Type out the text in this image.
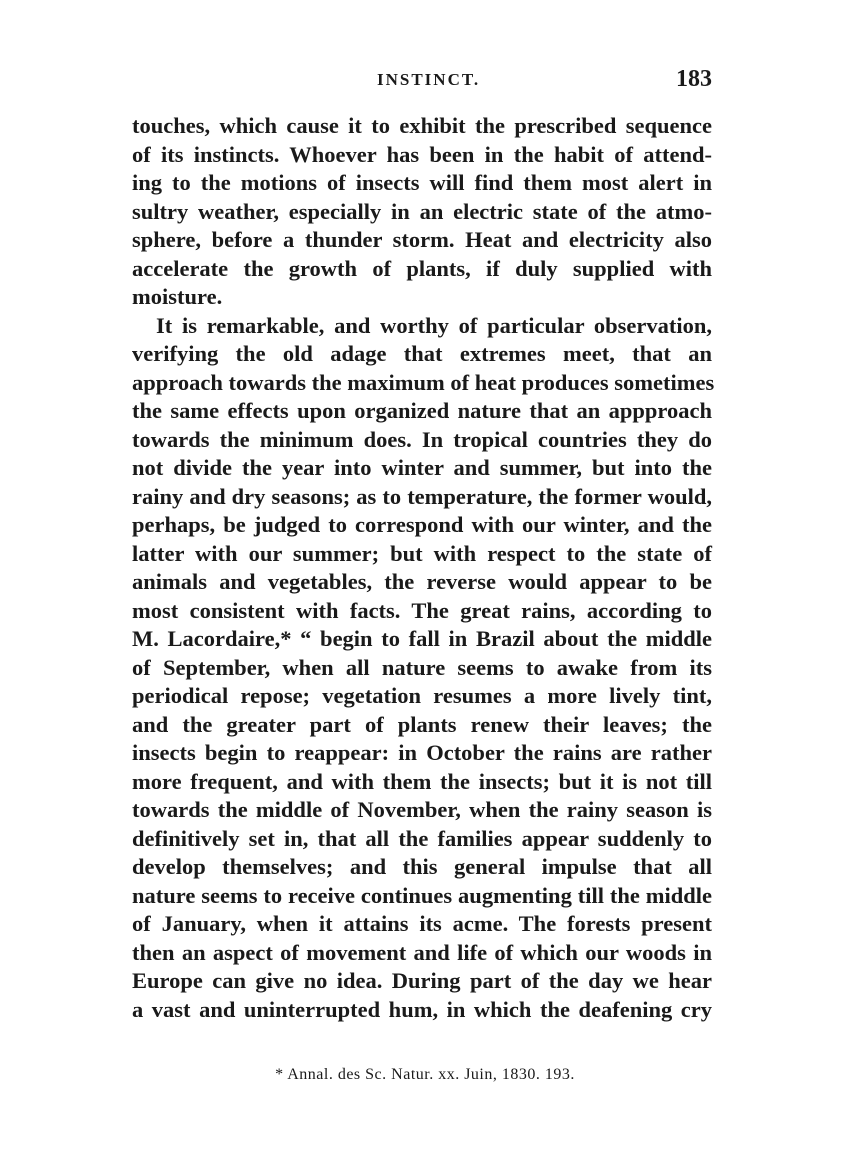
INSTINCT.	183
touches, which cause it to exhibit the prescribed sequence
of its instincts. Whoever has been in the habit of attend-
ing to the motions of insects will find them most alert in
sultry weather, especially in an electric state of the atmo-
sphere, before a thunder storm. Heat and electricity also
accelerate the growth of plants, if duly supplied with
moisture.
It is remarkable, and worthy of particular observation,
verifying the old adage that extremes meet, that an
approach towards the maximum of heat produces sometimes
the same effects upon organized nature that an appproach
towards the minimum does. In tropical countries they do
not divide the year into winter and summer, but into the
rainy and dry seasons; as to temperature, the former would,
perhaps, be judged to correspond with our winter, and the
latter with our summer; but with respect to the state of
animals and vegetables, the reverse would appear to be
most consistent with facts. The great rains, according to
M. Lacordaire,* “ begin to fall in Brazil about the middle
of September, when all nature seems to awake from its
periodical repose; vegetation resumes a more lively tint,
and the greater part of plants renew their leaves; the
insects begin to reappear: in October the rains are rather
more frequent, and with them the insects; but it is not till
towards the middle of November, when the rainy season is
definitively set in, that all the families appear suddenly to
develop themselves; and this general impulse that all
nature seems to receive continues augmenting till the middle
of January, when it attains its acme. The forests present
then an aspect of movement and life of which our woods in
Europe can give no idea. During part of the day we hear
a vast and uninterrupted hum, in which the deafening cry
* Annal. des Sc. Natur. xx. Juin, 1830. 193.
